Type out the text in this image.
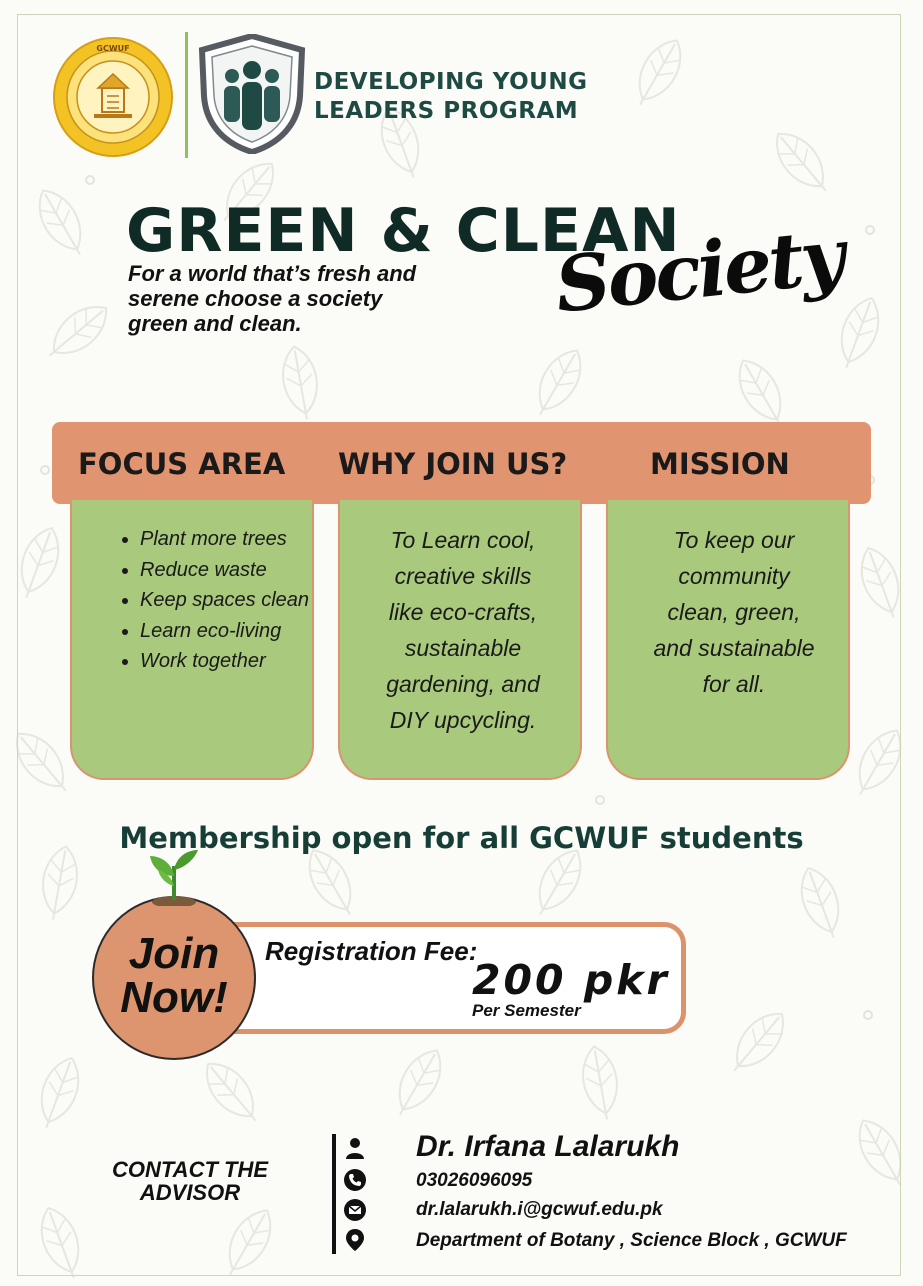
GCWUF
DEVELOPING YOUNG
LEADERS PROGRAM
GREEN & CLEAN
Society
For a world that’s fresh and
serene choose a society
green and clean.
FOCUS AREA WHY JOIN US?	MISSION
• Plant more trees
• Reduce waste
• Keep spaces clean
• Learn eco-living
• Work together
To Learn cool,
creative skills
like eco-crafts,
sustainable
gardening, and
DIY upcycling.
To keep our
community
clean, green,
and sustainable
for all.
Membership open for all GCWUF students
Join
Now!
Registration Fee:
200 pkr
Per Semester
CONTACT THE
ADVISOR
Dr. Irfana Lalarukh
03026096095
dr.lalarukh.i@gcwuf.edu.pk
Department of Botany , Science Block , GCWUF
